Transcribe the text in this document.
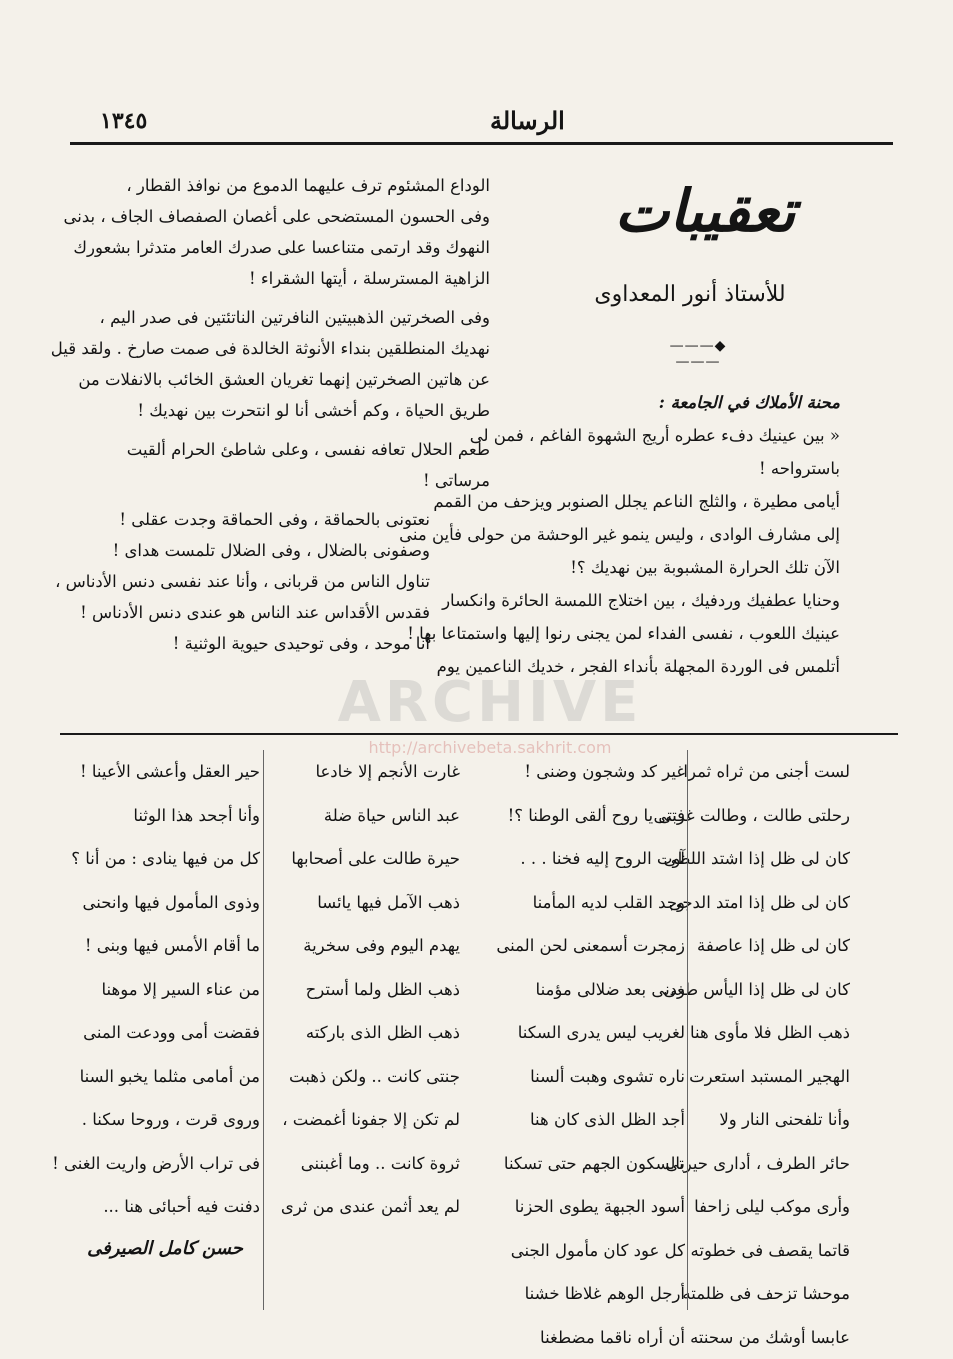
١٣٤٥	الرسالة
تعقيبات
للأستاذ أنور المعداوى
———◆———
محنة الأملاك في الجامعة :
« بين عينيك دفء عطره أريج الشهوة الفاغم ، فمن لى
باسترواحه !
أيامى مطيرة ، والثلج الناعم يجلل الصنوبر ويزحف من القمم
إلى مشارف الوادى ، وليس ينمو غير الوحشة من حولى فأين منى
الآن تلك الحرارة المشبوبة بين نهديك ؟!
وحنايا عطفيك وردفيك ، بين اختلاج اللمسة الحائرة وانكسار
عينيك اللعوب ، نفسى الفداء لمن يجنى رنوا إليها واستمتاعا بها !
أتلمس فى الوردة المجهلة بأنداء الفجر ، خديك الناعمين يوم
الوداع المشئوم ترف عليهما الدموع من نوافذ القطار ،
وفى الحسون المستضحى على أغصان الصفصاف الجاف ، بدنى
النهوك وقد ارتمى متناعسا على صدرك العامر متدثرا بشعورك
الزاهية المسترسلة ، أيتها الشقراء !
وفى الصخرتين الذهبيتين النافرتين الناتئتين فى صدر اليم ،
نهديك المنطلقين بنداء الأنوثة الخالدة فى صمت صارخ . ولقد قيل
عن هاتين الصخرتين إنهما تغريان العشق الخائب بالانفلات من
طريق الحياة ، وكم أخشى أنا لو انتحرت بين نهديك !
طعم الحلال تعافه نفسى ، وعلى شاطئ الحرام ألقيت
مرساتى !
نعتونى بالحماقة ، وفى الحماقة وجدت عقلى !
وصفونى بالضلال ، وفى الضلال تلمست هداى !
تناول الناس من قربانى ، وأنا عند نفسى دنس الأدناس ،
فقدس الأقداس عند الناس هو عندى دنس الأدناس !
أنا موحد ، وفى توحيدى حيوية الوثنية !
لست أجنى من ثراه ثمرا
رحلتى طالت ، وطالت غربتى
كان لى ظل إذا اشتد اللظى
كان لى ظل إذا امتد الدجى
كان لى ظل إذا عاصفة
كان لى ظل إذا اليأس طغى
ذهب الظل فلا مأوى هنا
الهجير المستبد استعرت
وأنا تلفحنى النار ولا
حائر الطرف ، أدارى حيرتى
وأرى موكب ليلى زاحفا
قاتما يقصف فى خطوته
موحشا تزحف فى ظلمته
عابسا أوشك من سحنته
غير كد وشجون وضنى !
فتى يا روح ألقى الوطنا ؟!
آوت الروح إليه فخنا . . .
وجد القلب لديه المأمنا
زمجرت أسمعنى لحن المنى
ردنى بعد ضلالى مؤمنا
لغريب ليس يدرى السكنا
ناره تشوى وهبت ألسنا
أجد الظل الذى كان هنا
بالسكون الجهم حتى تسكنا
أسود الجبهة يطوى الحزنا
كل عود كان مأمول الجنى
أرجل الوهم غلاظا خشنا
أن أراه ناقما مضطغنا
غارت الأنجم إلا خادعا
عبد الناس حياة ضلة
حيرة طالت على أصحابها
ذهب الآمل فيها يائسا
يهدم اليوم وفى سخرية
ذهب الظل ولما أسترح
ذهب الظل الذى باركته
جنتى كانت .. ولكن ذهبت
لم تكن إلا جفونا أغمضت ،
ثروة كانت .. وما أغبننى
لم يعد أثمن عندى من ثرى
حير العقل وأعشى الأعينا !
وأنا أجحد هذا الوثنا
كل من فيها ينادى : من أنا ؟
وذوى المأمول فيها وانحنى
ما أقام الأمس فيها وبنى !
من عناء السير إلا موهنا
فقضت أمى وودعت المنى
من أمامى مثلما يخبو السنا
وروى قرت ، وروحا سكنا .
فى تراب الأرض واريت الغنى !
دفنت فيه أحبائى هنا ...
حسن كامل الصيرفى
ARCHIVE
http://archivebeta.sakhrit.com
